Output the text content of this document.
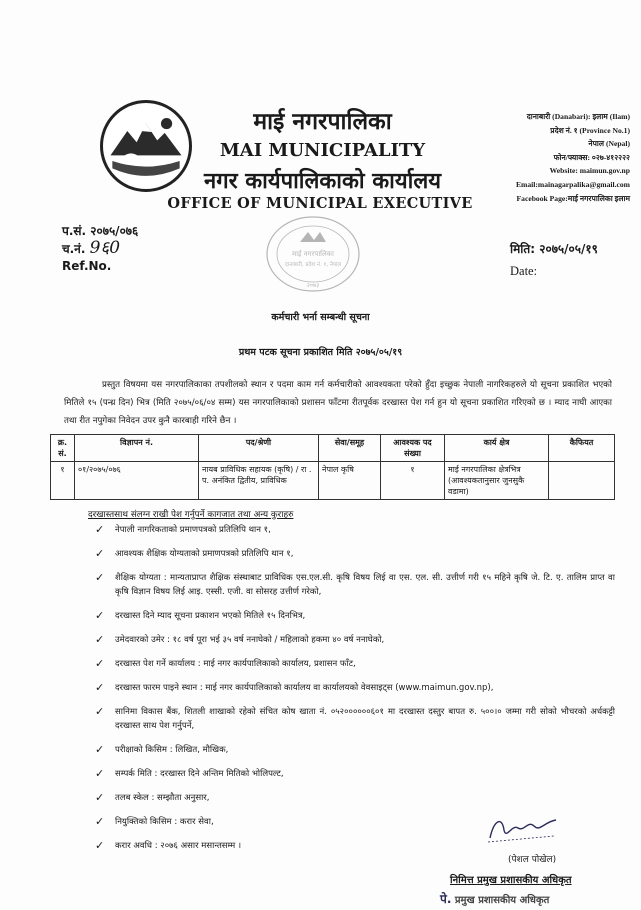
माई नगरपालिका
MAI MUNICIPALITY
नगर कार्यपालिकाको कार्यालय
OFFICE OF MUNICIPAL EXECUTIVE
दानाबारी (Danabari): इलाम (Ilam)
प्रदेश नं. १ (Province No.1)
नेपाल (Nepal)
फोन/फ्याक्स: ०२७-४१२२२२
Website: maimun.gov.np
Email:mainagarpalika@gmail.com
Facebook Page:माई नगरपालिका इलाम
प.सं. २०७५/०७६
च.नं. 9६0
Ref.No.
माई नगरपालिका
दानाबारी, प्रदेश नं. १, नेपाल
२०७३
मिति: २०७५/०५/१९
Date:
कर्मचारी भर्ना सम्बन्धी सूचना
प्रथम पटक सूचना प्रकाशित मिति २०७५/०५/१९
प्रस्तुत विषयमा यस नगरपालिकाका तपशीलको स्थान र पदमा काम गर्न कर्मचारीको आवश्यकता परेको हुँदा इच्छुक नेपाली नागरिकहरुले यो सूचना प्रकाशित भएको मितिले १५ (पन्ध्र दिन) भित्र (मिति २०७५/०६/०४ सम्म) यस नगरपालिकाको प्रशासन फाँटमा रीतपूर्वक दरखास्त पेश गर्न हुन यो सूचना प्रकाशित गरिएको छ । म्याद नाघी आएका तथा रीत नपुगेका निवेदन उपर कुनै कारबाही गरिने छैन ।
क्र. सं.	विज्ञापन नं.	पद/श्रेणी	सेवा/समूह	आवश्यक पद संख्या	कार्य क्षेत्र	कैफियत
१	०१/२०७५/०७६	नायब प्राविधिक सहायक (कृषि) / रा . प. अनंकित द्वितीय, प्राविधिक	नेपाल कृषि	१	माई नगरपालिका क्षेत्रभित्र (आवश्यकतानुसार जुनसुकै वडामा)	
दरखास्तसाथ संलग्न राखी पेश गर्नुपर्ने कागजात तथा अन्य कुराहरु
✓ नेपाली नागरिकताको प्रमाणपत्रको प्रतिलिपि थान १,
✓ आवश्यक शैक्षिक योग्यताको प्रमाणपत्रको प्रतिलिपि थान १,
✓ शैक्षिक योग्यता : मान्यताप्राप्त शैक्षिक संस्थाबाट प्राविधिक एस.एल.सी. कृषि विषय लिई वा एस. एल. सी. उत्तीर्ण गरी १५ महिने कृषि जे. टि. ए. तालिम प्राप्त वा कृषि विज्ञान विषय लिई आइ. एस्सी. एजी. वा सोसरह उत्तीर्ण गरेको,
✓ दरखास्त दिने म्याद सूचना प्रकाशन भएको मितिले १५ दिनभित्र,
✓ उमेदवारको उमेर : १८ वर्ष पूरा भई ३५ वर्ष ननाघेको / महिलाको हकमा ४० वर्ष ननाघेको,
✓ दरखास्त पेश गर्ने कार्यालय : माई नगर कार्यपालिकाको कार्यालय, प्रशासन फाँट,
✓ दरखास्त फारम पाइने स्थान : माई नगर कार्यपालिकाको कार्यालय वा कार्यालयको वेवसाइट्स (www.maimun.gov.np),
✓ सानिमा विकास बैंक, शितली शाखाको रहेको संचित कोष खाता नं. ०५२००००००६०१ मा दरखास्त दस्तुर बापत रु. ५००।० जम्मा गरी सोको भौचरको अर्धकट्टी दरखास्त साथ पेश गर्नुपर्ने,
✓ परीक्षाको किसिम : लिखित, मौखिक,
✓ सम्पर्क मिति : दरखास्त दिने अन्तिम मितिको भोलिपल्ट,
✓ तलब स्केल : सम्झौता अनुसार,
✓ नियुक्तिको किसिम : करार सेवा,
✓ करार अवधि : २०७६ असार मसान्तसम्म ।
(पेशल पोखेल)
निमित्त प्रमुख प्रशासकीय अधिकृत
पे. प्रमुख प्रशासकीय अधिकृत
